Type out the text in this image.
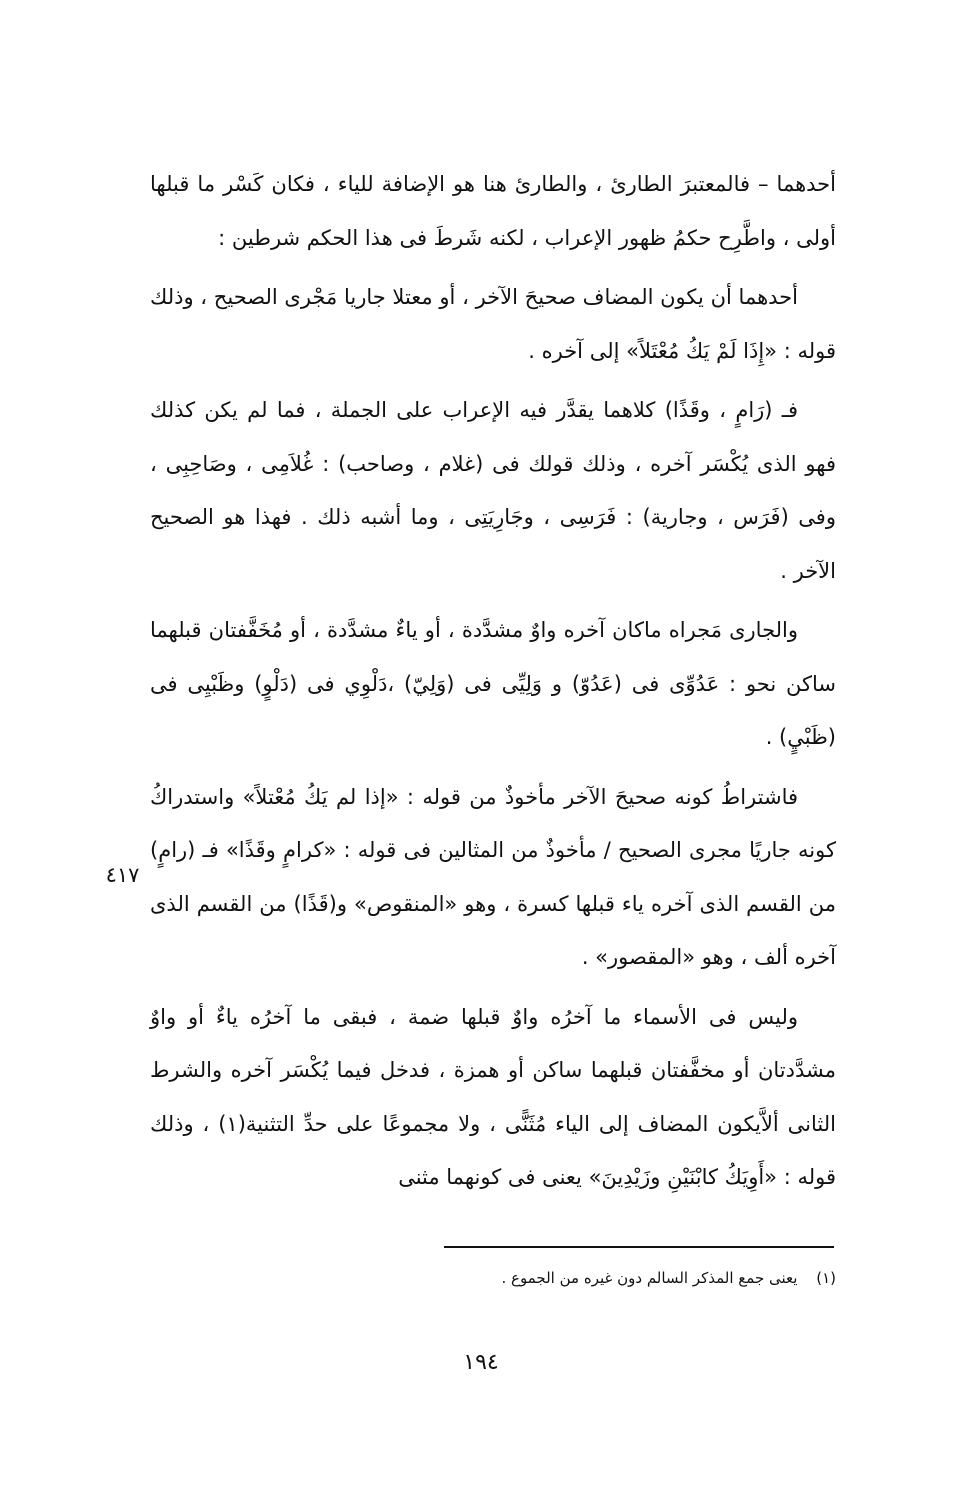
أحدهما – فالمعتبرَ الطارئ ، والطارئ هنا هو الإضافة للياء ، فكان كَسْر ما قبلها أولى ، واطَّرِح حكمُ ظهور الإعراب ، لكنه شَرطَ فى هذا الحكم شرطين :

أحدهما أن يكون المضاف صحيحَ الآخر ، أو معتلا جاريا مَجْرى الصحيح ، وذلك قوله : «إِذَا لَمْ يَكُ مُعْتَلاً» إلى آخره .

فـ (رَامٍ ، وقَذًا) كلاهما يقدَّر فيه الإعراب على الجملة ، فما لم يكن كذلك فهو الذى يُكْسَر آخره ، وذلك قولك فى (غلام ، وصاحب) : غُلاَمِى ، وصَاحِبِى ، وفى (فَرَس ، وجارية) : فَرَسِى ، وجَارِيَتِى ، وما أشبه ذلك . فهذا هو الصحيح الآخر .

والجارى مَجراه ماكان آخره واوٌ مشدَّدة ، أو ياءٌ مشدَّدة ، أو مُخَفَّفتان قبلهما ساكن نحو : عَدُوِّى فى (عَدُوّ) و وَلِيِّى فى (وَلِيّ) ،دَلْوِي فى (دَلْوٍ) وظَبْيِى فى (ظَبْيٍ) .

فاشتراطُ كونه صحيحَ الآخر مأخوذٌ من قوله : «إذا لم يَكُ مُعْتلاً» واستدراكُ كونه جاريًا مجرى الصحيح / مأخوذٌ من المثالين فى قوله : «كرامٍ وقَذًا» فـ (رامٍ) من القسم الذى آخره ياء قبلها كسرة ، وهو «المنقوص» و(قَذًا) من القسم الذى آخره ألف ، وهو «المقصور» .

وليس فى الأسماء ما آخرُه واوٌ قبلها ضمة ، فبقى ما آخرُه ياءٌ أو واوٌ مشدَّدتان أو مخفَّفتان قبلهما ساكن أو همزة ، فدخل فيما يُكْسَر آخره والشرط الثانى ألاَّيكون المضاف إلى الياء مُثَنًّى ، ولا مجموعًا على حدِّ التثنية(١) ، وذلك قوله : «أَوِيَكُ كابْنَيْنِ وزَيْدِينَ» يعنى فى كونهما مثنى

٤١٧
(١) يعنى جمع المذكر السالم دون غيره من الجموع .
١٩٤
